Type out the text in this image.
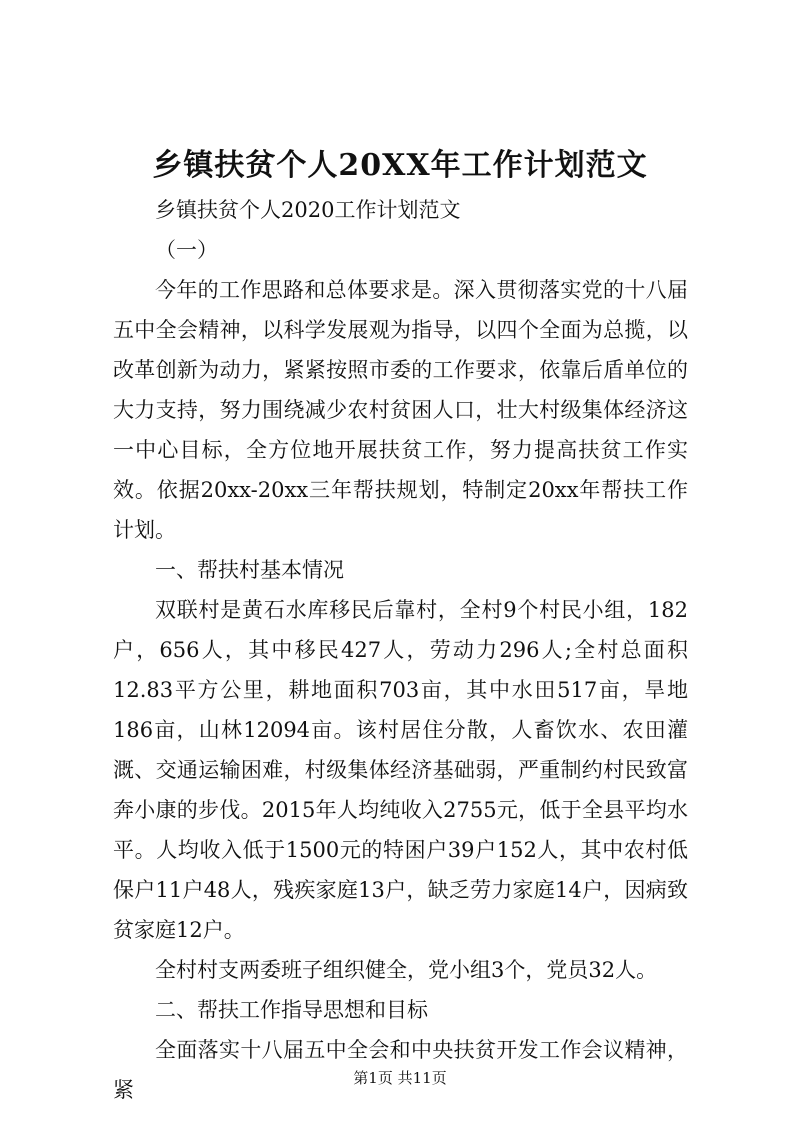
乡镇扶贫个人20XX年工作计划范文

乡镇扶贫个人2020工作计划范文

（一）

今年的工作思路和总体要求是。深入贯彻落实党的十八届五中全会精神，以科学发展观为指导，以四个全面为总揽，以改革创新为动力，紧紧按照市委的工作要求，依靠后盾单位的大力支持，努力围绕减少农村贫困人口，壮大村级集体经济这一中心目标，全方位地开展扶贫工作，努力提高扶贫工作实效。依据20xx-20xx三年帮扶规划，特制定20xx年帮扶工作计划。

一、帮扶村基本情况

双联村是黄石水库移民后靠村，全村9个村民小组，182户，656人，其中移民427人，劳动力296人;全村总面积12.83平方公里，耕地面积703亩，其中水田517亩，旱地186亩，山林12094亩。该村居住分散，人畜饮水、农田灌溉、交通运输困难，村级集体经济基础弱，严重制约村民致富奔小康的步伐。2015年人均纯收入2755元，低于全县平均水平。人均收入低于1500元的特困户39户152人，其中农村低保户11户48人，残疾家庭13户，缺乏劳力家庭14户，因病致贫家庭12户。

全村村支两委班子组织健全，党小组3个，党员32人。

二、帮扶工作指导思想和目标

全面落实十八届五中全会和中央扶贫开发工作会议精神，紧	第1页 共11页
